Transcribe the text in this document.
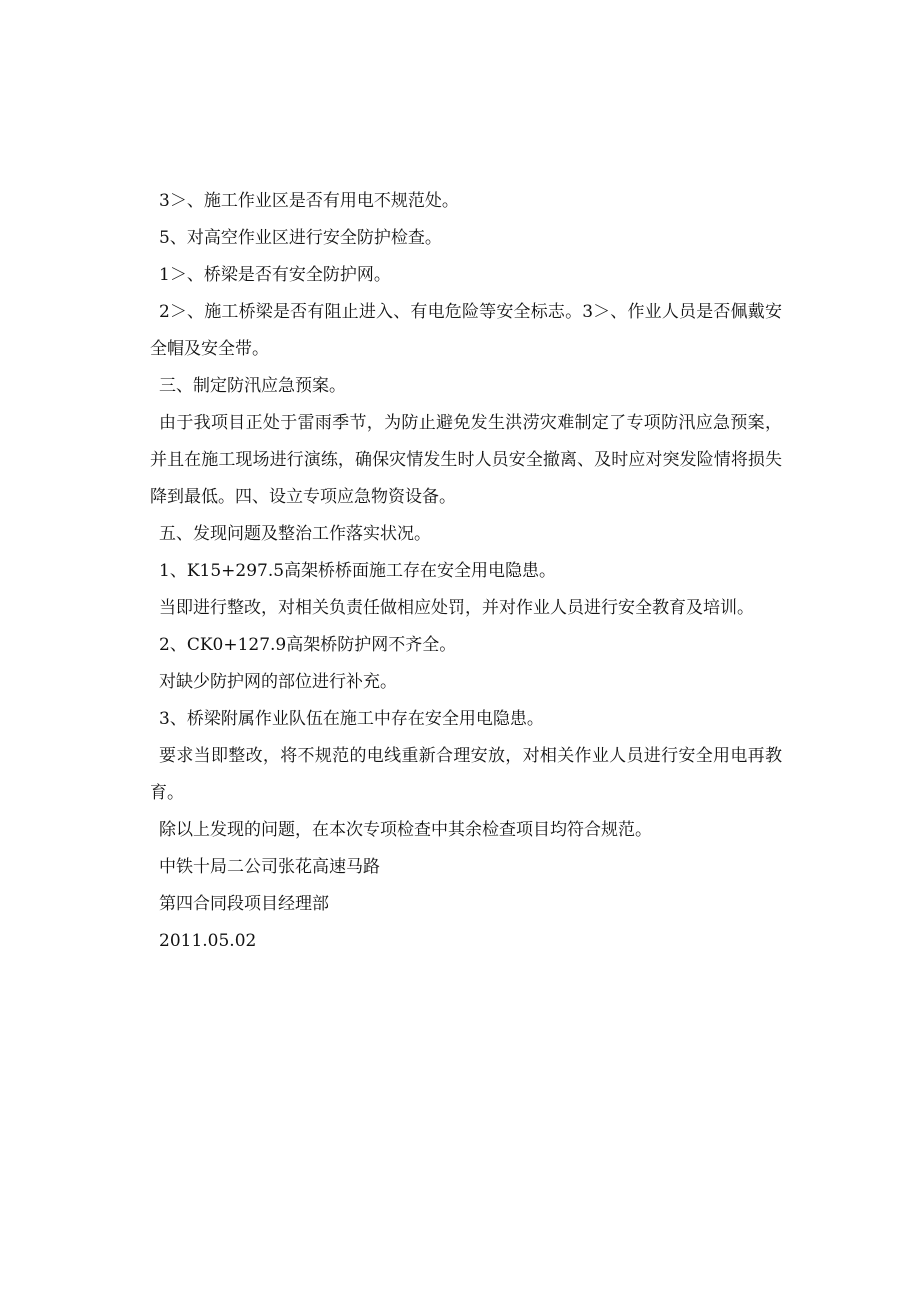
3＞、施工作业区是否有用电不规范处。
5、对高空作业区进行安全防护检查。
1＞、桥梁是否有安全防护网。
2＞、施工桥梁是否有阻止进入、有电危险等安全标志。3＞、作业人员是否佩戴安全帽及安全带。
三、制定防汛应急预案。
由于我项目正处于雷雨季节，为防止避免发生洪涝灾难制定了专项防汛应急预案，并且在施工现场进行演练，确保灾情发生时人员安全撤离、及时应对突发险情将损失降到最低。四、设立专项应急物资设备。
五、发现问题及整治工作落实状况。
1、K15+297.5高架桥桥面施工存在安全用电隐患。
当即进行整改，对相关负责任做相应处罚，并对作业人员进行安全教育及培训。
2、CK0+127.9高架桥防护网不齐全。
对缺少防护网的部位进行补充。
3、桥梁附属作业队伍在施工中存在安全用电隐患。
要求当即整改，将不规范的电线重新合理安放，对相关作业人员进行安全用电再教育。
除以上发现的问题，在本次专项检查中其余检查项目均符合规范。
中铁十局二公司张花高速马路
第四合同段项目经理部
2011.05.02
